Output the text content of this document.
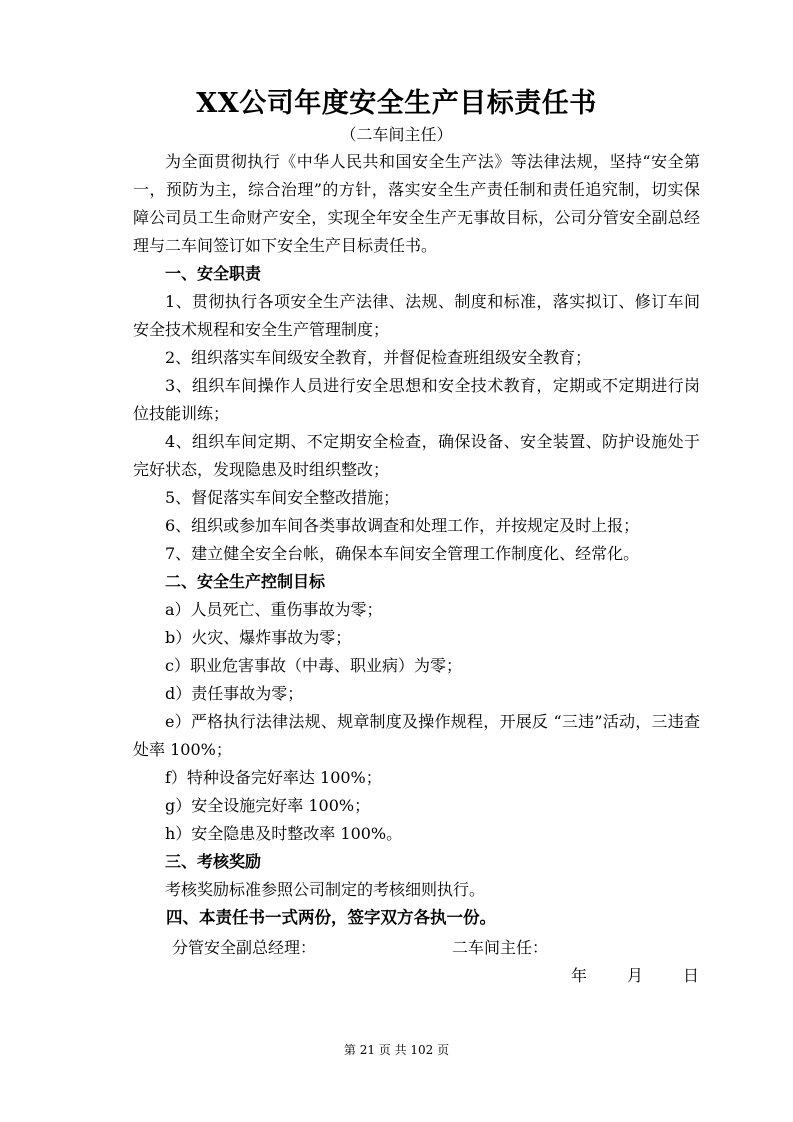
XX公司年度安全生产目标责任书
（二车间主任）

为全面贯彻执行《中华人民共和国安全生产法》等法律法规，坚持“安全第一，预防为主，综合治理”的方针，落实安全生产责任制和责任追究制，切实保障公司员工生命财产安全，实现全年安全生产无事故目标，公司分管安全副总经理与二车间签订如下安全生产目标责任书。

一、安全职责

1、贯彻执行各项安全生产法律、法规、制度和标准，落实拟订、修订车间安全技术规程和安全生产管理制度；

2、组织落实车间级安全教育，并督促检查班组级安全教育；

3、组织车间操作人员进行安全思想和安全技术教育，定期或不定期进行岗位技能训练；

4、组织车间定期、不定期安全检查，确保设备、安全装置、防护设施处于完好状态，发现隐患及时组织整改；

5、督促落实车间安全整改措施；

6、组织或参加车间各类事故调查和处理工作，并按规定及时上报；

7、建立健全安全台帐，确保本车间安全管理工作制度化、经常化。

二、安全生产控制目标

a）人员死亡、重伤事故为零；

b）火灾、爆炸事故为零；

c）职业危害事故（中毒、职业病）为零；

d）责任事故为零；

e）严格执行法律法规、规章制度及操作规程，开展反 “三违”活动，三违查处率 100%；

f）特种设备完好率达 100%；

g）安全设施完好率 100%；

h）安全隐患及时整改率 100%。

三、考核奖励

考核奖励标准参照公司制定的考核细则执行。

四、本责任书一式两份，签字双方各执一份。

分管安全副总经理：	二车间主任：
年 月 日
第 21 页 共 102 页
